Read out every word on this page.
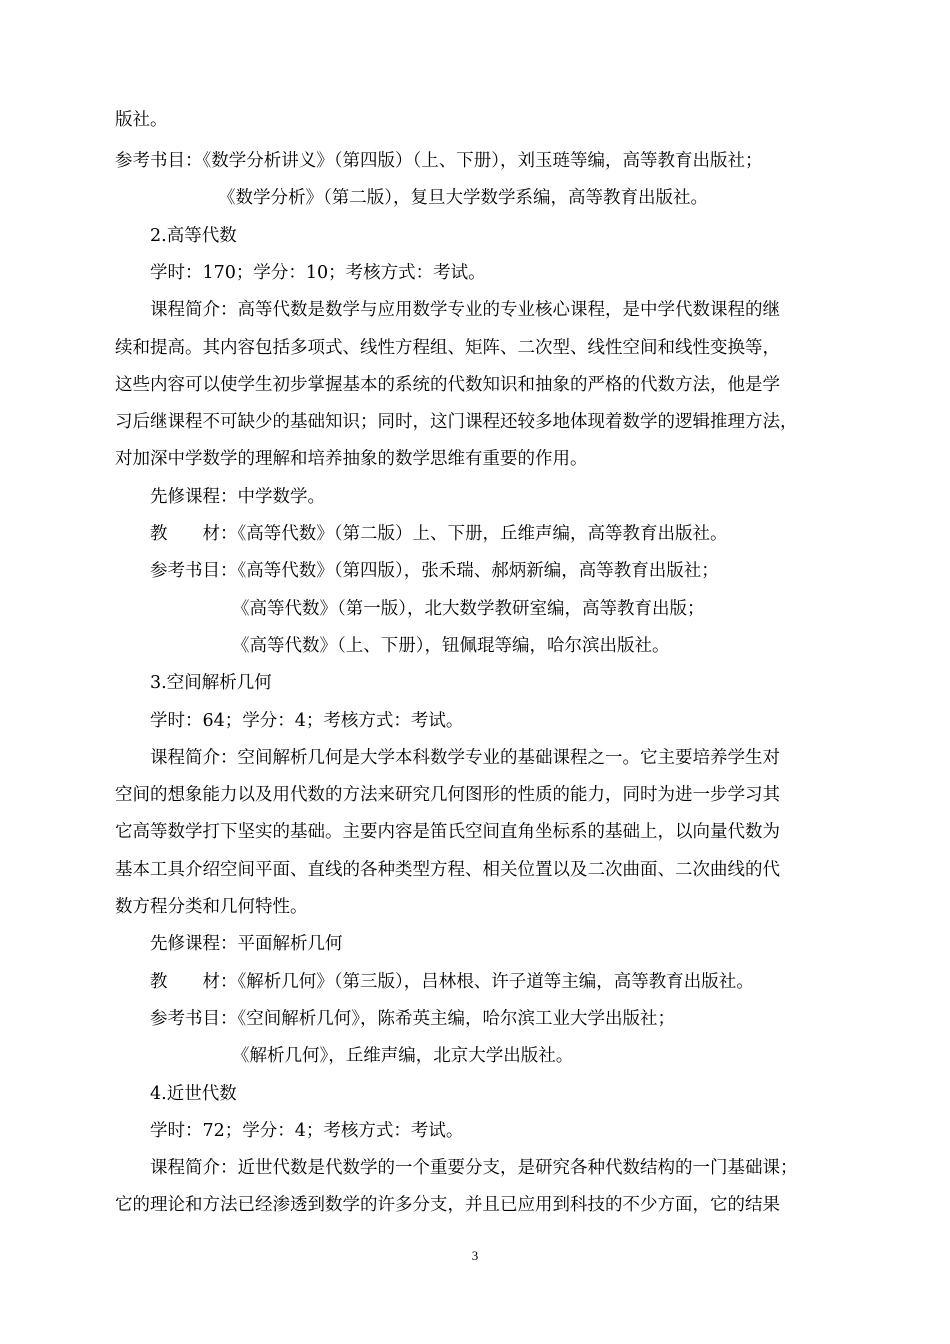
版社。
参考书目：《数学分析讲义》（第四版）（上、下册），刘玉琏等编，高等教育出版社；
《数学分析》（第二版），复旦大学数学系编，高等教育出版社。
2.高等代数
学时：170；学分：10；考核方式：考试。
课程简介：高等代数是数学与应用数学专业的专业核心课程，是中学代数课程的继
续和提高。其内容包括多项式、线性方程组、矩阵、二次型、线性空间和线性变换等，
这些内容可以使学生初步掌握基本的系统的代数知识和抽象的严格的代数方法，他是学
习后继课程不可缺少的基础知识；同时，这门课程还较多地体现着数学的逻辑推理方法，
对加深中学数学的理解和培养抽象的数学思维有重要的作用。
先修课程：中学数学。
教　　材：《高等代数》（第二版）上、下册，丘维声编，高等教育出版社。
参考书目：《高等代数》（第四版），张禾瑞、郝炳新编，高等教育出版社；
《高等代数》（第一版），北大数学教研室编，高等教育出版；
《高等代数》（上、下册），钮佩琨等编，哈尔滨出版社。
3.空间解析几何
学时：64；学分：4；考核方式：考试。
课程简介：空间解析几何是大学本科数学专业的基础课程之一。它主要培养学生对
空间的想象能力以及用代数的方法来研究几何图形的性质的能力，同时为进一步学习其
它高等数学打下坚实的基础。主要内容是笛氏空间直角坐标系的基础上，以向量代数为
基本工具介绍空间平面、直线的各种类型方程、相关位置以及二次曲面、二次曲线的代
数方程分类和几何特性。
先修课程：平面解析几何
教　　材：《解析几何》（第三版），吕林根、许子道等主编，高等教育出版社。
参考书目：《空间解析几何》，陈希英主编，哈尔滨工业大学出版社；
《解析几何》，丘维声编，北京大学出版社。
4.近世代数
学时：72；学分：4；考核方式：考试。
课程简介：近世代数是代数学的一个重要分支，是研究各种代数结构的一门基础课；
它的理论和方法已经渗透到数学的许多分支，并且已应用到科技的不少方面，它的结果
3
